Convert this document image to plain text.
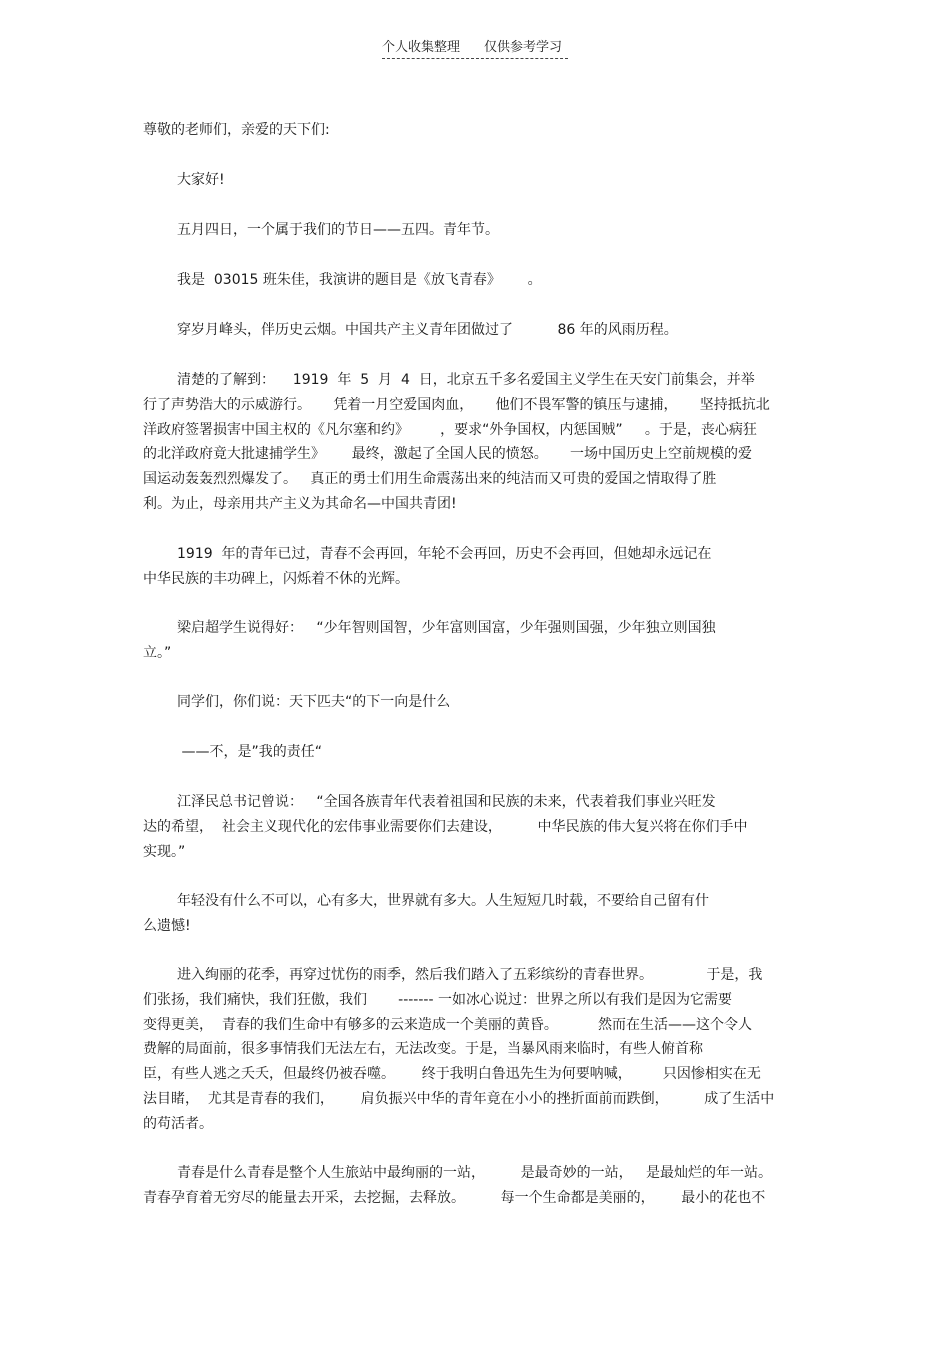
个人收集整理 仅供参考学习
尊敬的老师们，亲爱的天下们:
大家好!
五月四日，一个属于我们的节日——五四。青年节。
我是  03015 班朱佳，我演讲的题目是《放飞青春》      。
穿岁月峰头，伴历史云烟。中国共产主义青年团做过了          86 年的风雨历程。
清楚的了解到：    1919  年  5  月  4  日，北京五千多名爱国主义学生在天安门前集会，并举
行了声势浩大的示威游行。     凭着一月空爱国肉血，     他们不畏军警的镇压与逮捕，     坚持抵抗北
洋政府签署损害中国主权的《凡尔塞和约》       ，要求“外争国权，内惩国贼”     。于是，丧心病狂
的北洋政府竟大批逮捕学生》      最终，激起了全国人民的愤怒。     一场中国历史上空前规模的爱
国运动轰轰烈烈爆发了。   真正的勇士们用生命震荡出来的纯洁而又可贵的爱国之情取得了胜
利。为止，母亲用共产主义为其命名—中国共青团!
1919  年的青年已过，青春不会再回，年轮不会再回，历史不会再回，但她却永远记在
中华民族的丰功碑上，闪烁着不休的光辉。
梁启超学生说得好：   “少年智则国智，少年富则国富，少年强则国强，少年独立则国独
立。”
同学们，你们说：天下匹夫“的下一向是什么
——不，是”我的责任“
江泽民总书记曾说：   “全国各族青年代表着祖国和民族的未来，代表着我们事业兴旺发
达的希望，  社会主义现代化的宏伟事业需要你们去建设，        中华民族的伟大复兴将在你们手中
实现。”
年轻没有什么不可以，心有多大，世界就有多大。人生短短几时载，不要给自己留有什
么遗憾!
进入绚丽的花季，再穿过忧伤的雨季，然后我们踏入了五彩缤纷的青春世界。            于是，我
们张扬，我们痛快，我们狂傲，我们       ------- 一如冰心说过：世界之所以有我们是因为它需要
变得更美，  青春的我们生命中有够多的云来造成一个美丽的黄昏。         然而在生活——这个令人
费解的局面前，很多事情我们无法左右，无法改变。于是，当暴风雨来临时，有些人俯首称
臣，有些人逃之夭夭，但最终仍被吞噬。      终于我明白鲁迅先生为何要呐喊，       只因惨相实在无
法目睹，  尤其是青春的我们，      肩负振兴中华的青年竟在小小的挫折面前而跌倒，        成了生活中
的苟活者。
青春是什么青春是整个人生旅站中最绚丽的一站，        是最奇妙的一站，   是最灿烂的年一站。
青春孕育着无穷尽的能量去开采，去挖掘，去释放。        每一个生命都是美丽的，      最小的花也不
